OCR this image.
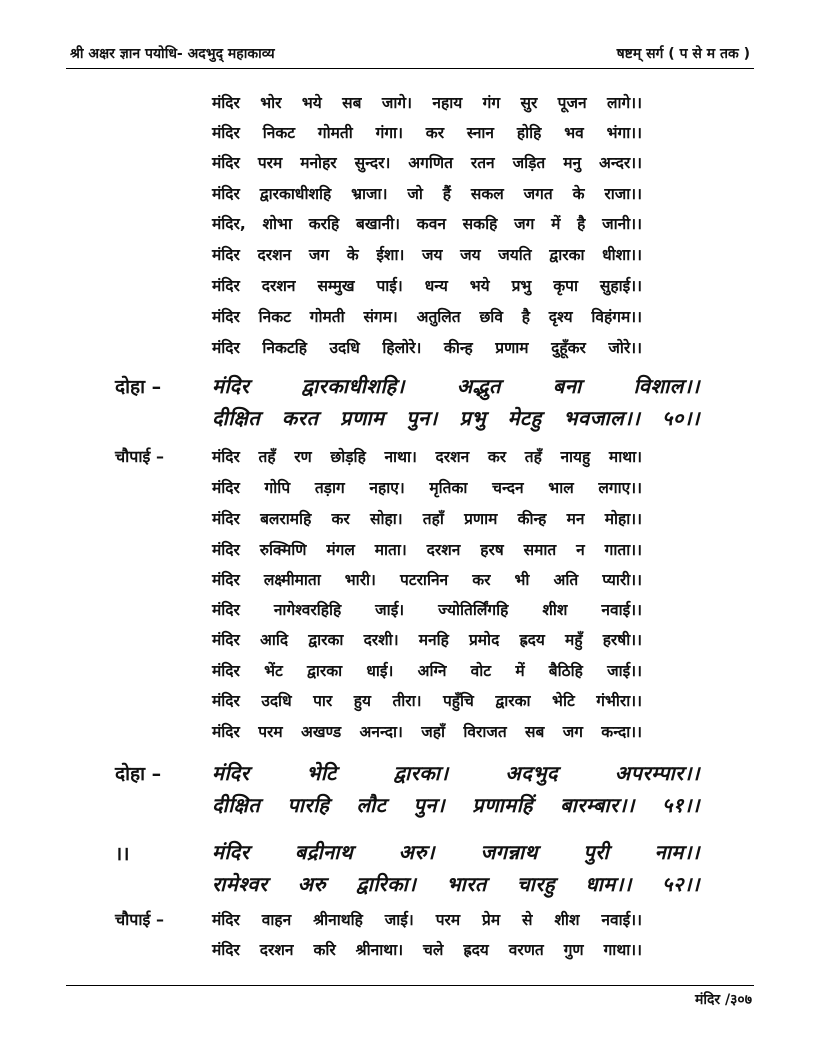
श्री अक्षर ज्ञान पयोधि- अदभुद् महाकाव्य	षष्टम् सर्ग ( प से म तक )
मंदिर भोर भये सब जागे। नहाय गंग सुर पूजन लागे।।
मंदिर निकट गोमती गंगा। कर स्नान होहि भव भंगा।।
मंदिर परम मनोहर सुन्दर। अगणित रतन जड़ित मनु अन्दर।।
मंदिर द्वारकाधीशहि भ्राजा। जो हैं सकल जगत के राजा।।
मंदिर, शोभा करहि बखानी। कवन सकहि जग में है जानी।।
मंदिर दरशन जग के ईशा। जय जय जयति द्वारका धीशा।।
मंदिर दरशन सम्मुख पाई। धन्य भये प्रभु कृपा सुहाई।।
मंदिर निकट गोमती संगम। अतुलित छवि है दृश्य विहंगम।।
मंदिर निकटहि उदधि हिलोरे। कीन्ह प्रणाम दुहूँकर जोरे।।
दोहा –	मंदिर द्वारकाधीशहि। अद्भुत बना विशाल।।
दीक्षित करत प्रणाम पुन। प्रभु मेटहु भवजाल।। ५०।।
चौपाई –	मंदिर तहँ रण छोड़हि नाथा। दरशन कर तहँ नायहु माथा।
मंदिर गोपि तड़ाग नहाए। मृतिका चन्दन भाल लगाए।।
मंदिर बलरामहि कर सोहा। तहाँ प्रणाम कीन्ह मन मोहा।।
मंदिर रुक्मिणि मंगल माता। दरशन हरष समात न गाता।।
मंदिर लक्ष्मीमाता भारी। पटरानिन कर भी अति प्यारी।।
मंदिर नागेश्वरहिहि जाई। ज्योतिर्लिंगहि शीश नवाई।।
मंदिर आदि द्वारका दरशी। मनहि प्रमोद ह्रदय महुँ हरषी।।
मंदिर भेंट द्वारका धाई। अग्नि वोट में बैठिहि जाई।।
मंदिर उदधि पार हुय तीरा। पहुँचि द्वारका भेटि गंभीरा।।
मंदिर परम अखण्ड अनन्दा। जहाँ विराजत सब जग कन्दा।।
दोहा –	मंदिर भेटि द्वारका। अदभुद अपरम्पार।।
दीक्षित पारहि लौट पुन। प्रणामहिं बारम्बार।। ५१।।
।।	मंदिर बद्रीनाथ अरु। जगन्नाथ पुरी नाम।।
रामेश्वर अरु द्वारिका। भारत चारहु धाम।। ५२।।
चौपाई –	मंदिर वाहन श्रीनाथहि जाई। परम प्रेम से शीश नवाई।।
मंदिर दरशन करि श्रीनाथा। चले ह्रदय वरणत गुण गाथा।।
मंदिर /३०७
